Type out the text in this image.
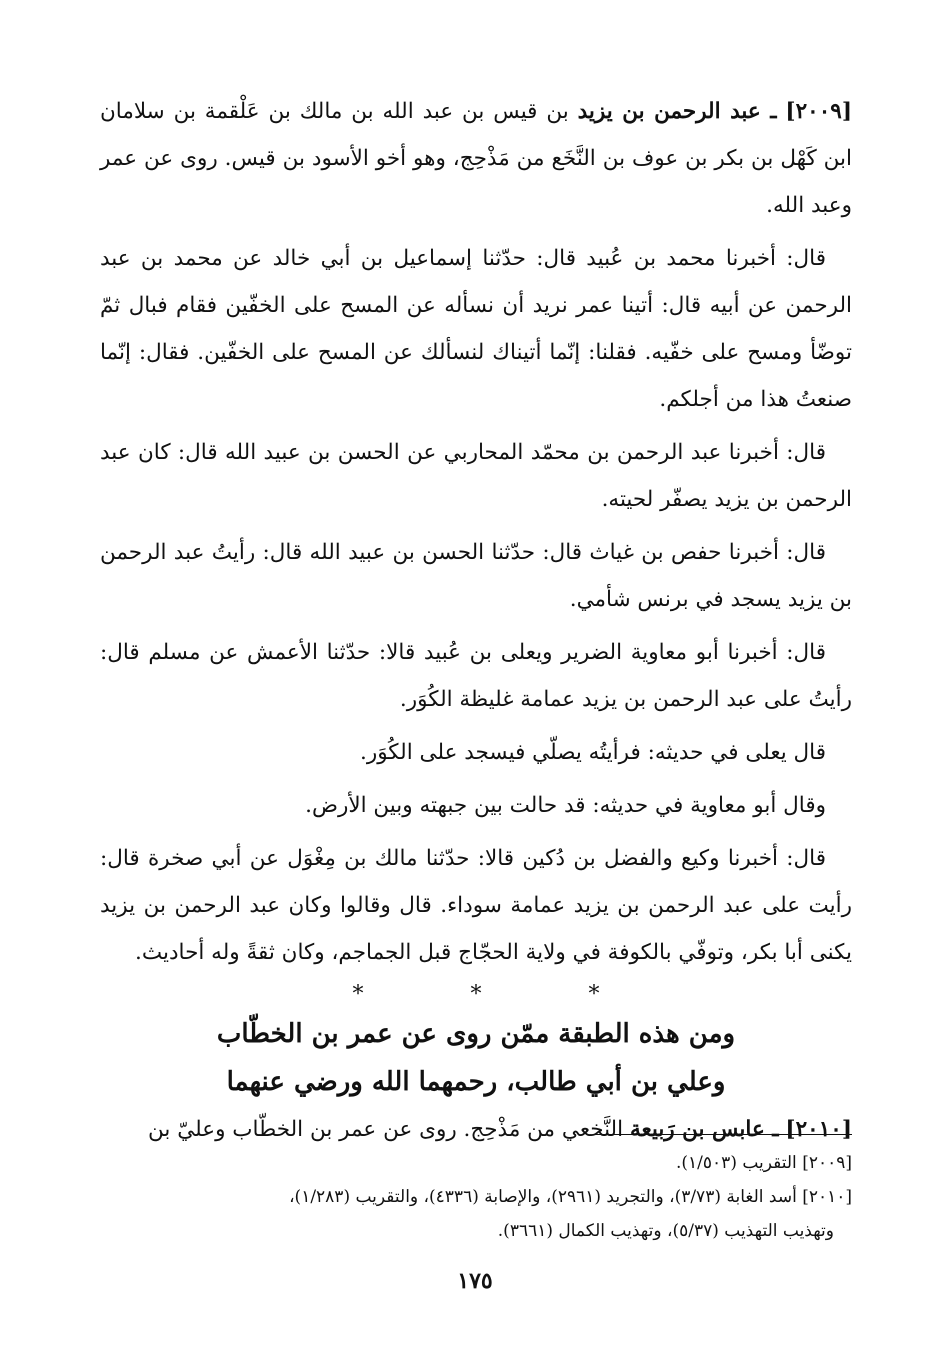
[٢٠٠٩] ـ عبد الرحمن بن يزيد بن قيس بن عبد الله بن مالك بن عَلْقمة بن سلامان ابن كَهْل بن بكر بن عوف بن النَّخَع من مَذْحِج، وهو أخو الأسود بن قيس. روى عن عمر وعبد الله.

قال: أخبرنا محمد بن عُبيد قال: حدّثنا إسماعيل بن أبي خالد عن محمد بن عبد الرحمن عن أبيه قال: أتينا عمر نريد أن نسأله عن المسح على الخفّين فقام فبال ثمّ توضّأ ومسح على خفّيه. فقلنا: إنّما أتيناك لنسألك عن المسح على الخفّين. فقال: إنّما صنعتُ هذا من أجلكم.

قال: أخبرنا عبد الرحمن بن محمّد المحاربي عن الحسن بن عبيد الله قال: كان عبد الرحمن بن يزيد يصفّر لحيته.

قال: أخبرنا حفص بن غياث قال: حدّثنا الحسن بن عبيد الله قال: رأيتُ عبد الرحمن بن يزيد يسجد في برنس شأمي.

قال: أخبرنا أبو معاوية الضرير ويعلى بن عُبيد قالا: حدّثنا الأعمش عن مسلم قال: رأيتُ على عبد الرحمن بن يزيد عمامة غليظة الكُوَر.

قال يعلى في حديثه: فرأيتُه يصلّي فيسجد على الكُوَر.

وقال أبو معاوية في حديثه: قد حالت بين جبهته وبين الأرض.

قال: أخبرنا وكيع والفضل بن دُكين قالا: حدّثنا مالك بن مِغْوَل عن أبي صخرة قال: رأيت على عبد الرحمن بن يزيد عمامة سوداء. قال وقالوا وكان عبد الرحمن بن يزيد يكنى أبا بكر، وتوفّي بالكوفة في ولاية الحجّاج قبل الجماجم، وكان ثقةً وله أحاديث.

* * *

ومن هذه الطبقة ممّن روى عن عمر بن الخطّاب

وعلي بن أبي طالب، رحمهما الله ورضي عنهما

[٢٠١٠] ـ عابس بن رَبيعة النَّخعي من مَذْحِج. روى عن عمر بن الخطّاب وعليّ بن

[٢٠٠٩] التقريب (١/٥٠٣).

[٢٠١٠] أسد الغابة (٣/٧٣)، والتجريد (٢٩٦١)، والإصابة (٤٣٣٦)، والتقريب (١/٢٨٣)،

وتهذيب التهذيب (٥/٣٧)، وتهذيب الكمال (٣٦٦١).

١٧٥
